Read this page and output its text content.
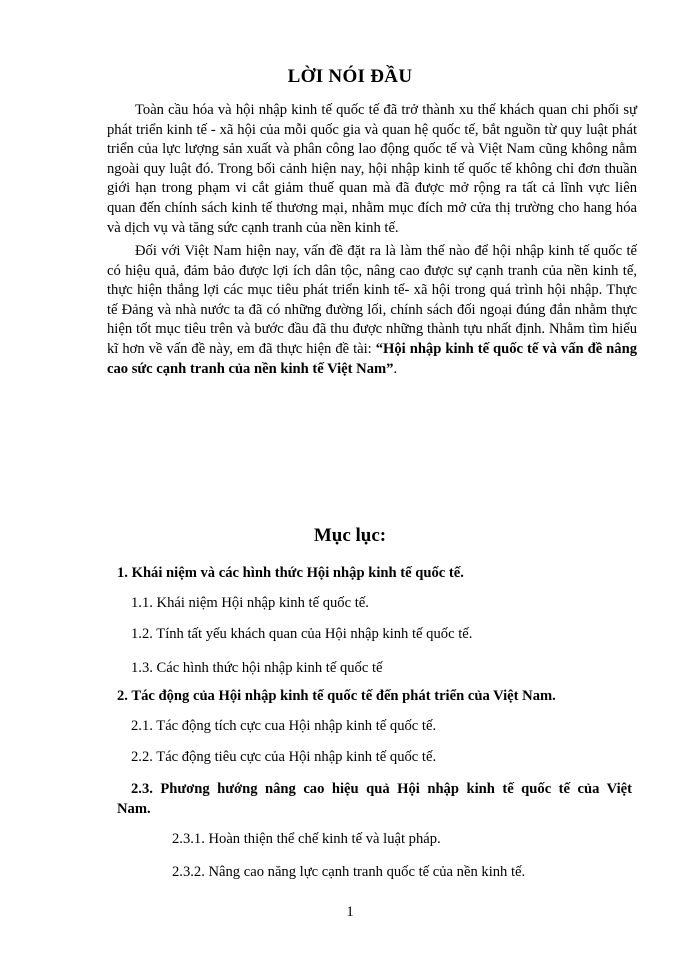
LỜI NÓI ĐẦU

Toàn cầu hóa và hội nhập kinh tế quốc tế đã trở thành xu thế khách quan chi phối sự phát triển kinh tế - xã hội của mỗi quốc gia và quan hệ quốc tế, bắt nguồn từ quy luật phát triển của lực lượng sản xuất và phân công lao động quốc tế và Việt Nam cũng không nằm ngoài quy luật đó. Trong bối cảnh hiện nay, hội nhập kinh tế quốc tế không chỉ đơn thuần giới hạn trong phạm vi cắt giảm thuế quan mà đã được mở rộng ra tất cả lĩnh vực liên quan đến chính sách kinh tế thương mại, nhằm mục đích mở cửa thị trường cho hang hóa và dịch vụ và tăng sức cạnh tranh của nền kinh tế.

Đối với Việt Nam hiện nay, vấn đề đặt ra là làm thế nào để hội nhập kinh tế quốc tế có hiệu quả, đảm bảo được lợi ích dân tộc, nâng cao được sự cạnh tranh của nền kinh tế, thực hiện thắng lợi các mục tiêu phát triển kinh tế- xã hội trong quá trình hội nhập. Thực tế Đảng và nhà nước ta đã có những đường lối, chính sách đối ngoại đúng đắn nhằm thực hiện tốt mục tiêu trên và bước đầu đã thu được những thành tựu nhất định. Nhằm tìm hiểu kĩ hơn về vấn đề này, em đã thực hiện đề tài: “Hội nhập kinh tế quốc tế và vấn đề nâng cao sức cạnh tranh của nền kinh tế Việt Nam”.

Mục lục:
1. Khái niệm và các hình thức Hội nhập kinh tế quốc tế.
1.1. Khái niệm Hội nhập kinh tế quốc tế.
1.2. Tính tất yếu khách quan của Hội nhập kinh tế quốc tế.
1.3. Các hình thức hội nhập kinh tế quốc tế
2. Tác động của Hội nhập kinh tế quốc tế đến phát triển của Việt Nam.
2.1. Tác động tích cực cua Hội nhập kinh tế quốc tế.
2.2. Tác động tiêu cực của Hội nhập kinh tế quốc tế.
2.3. Phương hướng nâng cao hiệu quả Hội nhập kinh tế quốc tế của Việt
Nam.
2.3.1. Hoàn thiện thể chế kinh tế và luật pháp.
2.3.2. Nâng cao năng lực cạnh tranh quốc tế của nền kinh tế.
1
